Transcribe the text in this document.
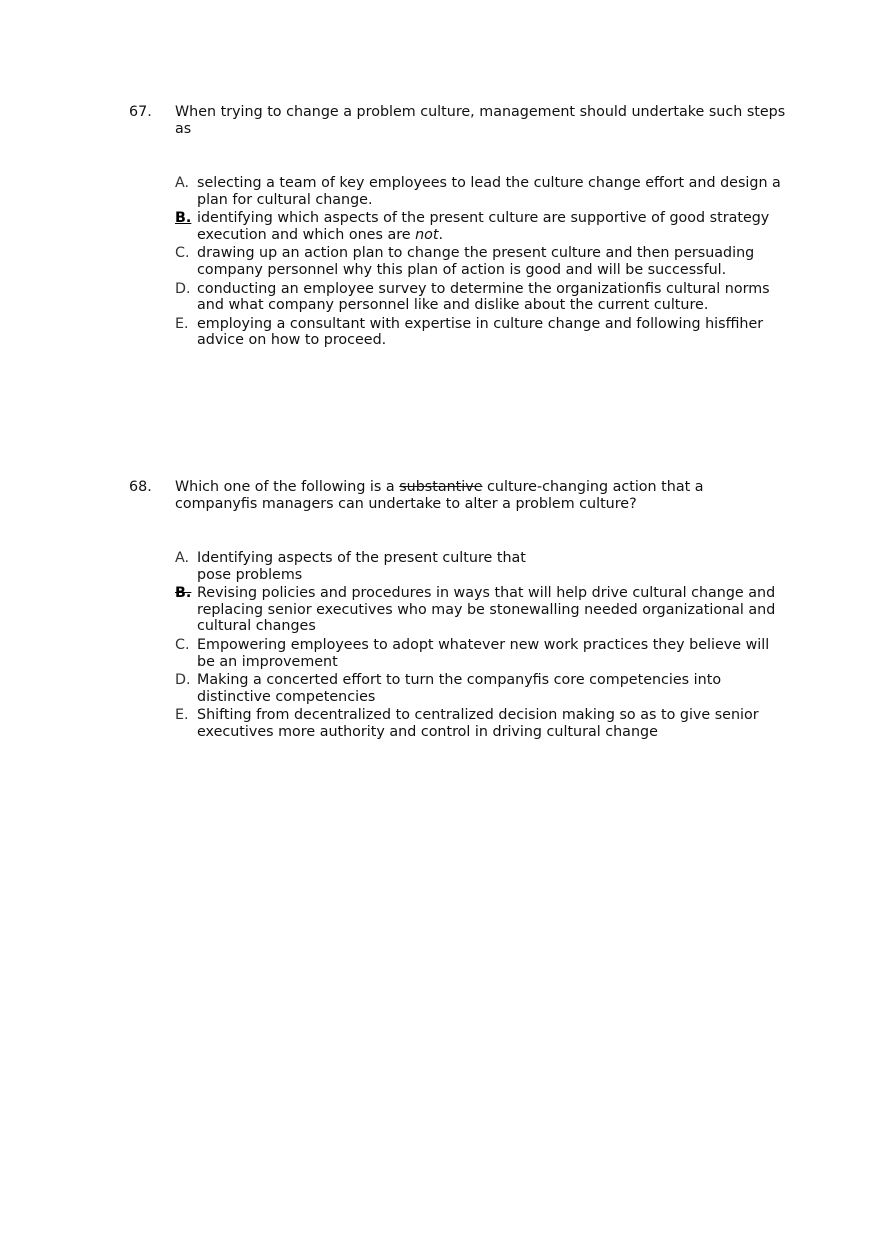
67. When trying to change a problem culture, management should undertake such steps as
A. selecting a team of key employees to lead the culture change effort and design a plan for cultural change.
B. identifying which aspects of the present culture are supportive of good strategy execution and which ones are not.
C. drawing up an action plan to change the present culture and then persuading company personnel why this plan of action is good and will be successful.
D. conducting an employee survey to determine the organizationfis cultural norms and what company personnel like and dislike about the current culture.
E. employing a consultant with expertise in culture change and following hisffiher advice on how to proceed.
68. Which one of the following is a substantive culture-changing action that a companyfis managers can undertake to alter a problem culture?
A. Identifying aspects of the present culture that pose problems
B. Revising policies and procedures in ways that will help drive cultural change and replacing senior executives who may be stonewalling needed organizational and cultural changes
C. Empowering employees to adopt whatever new work practices they believe will be an improvement
D. Making a concerted effort to turn the companyfis core competencies into distinctive competencies
E. Shifting from decentralized to centralized decision making so as to give senior executives more authority and control in driving cultural change
